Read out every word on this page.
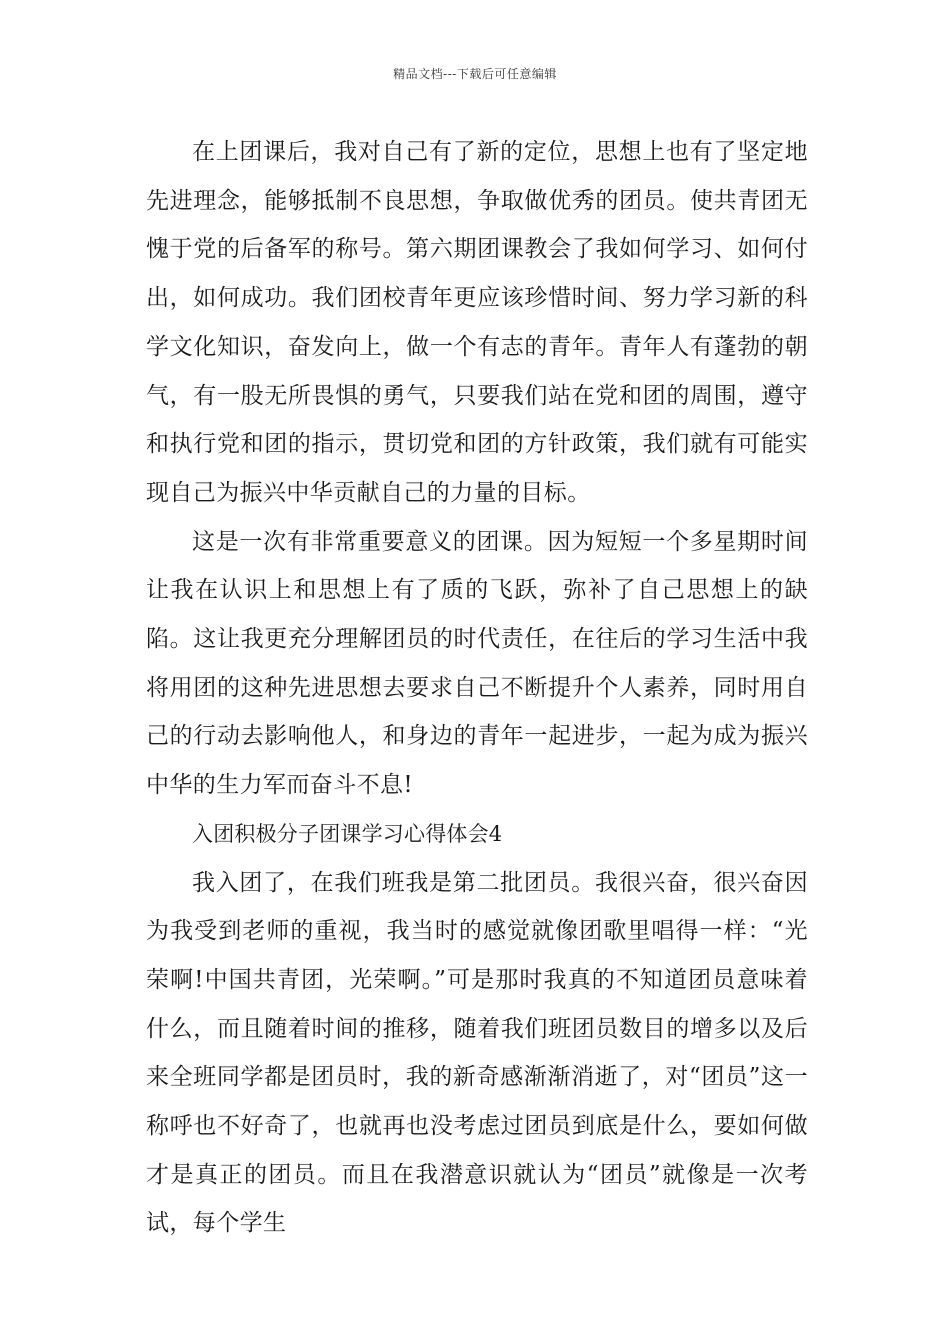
精品文档---下载后可任意编辑

在上团课后，我对自己有了新的定位，思想上也有了坚定地先进理念，能够抵制不良思想，争取做优秀的团员。使共青团无愧于党的后备军的称号。第六期团课教会了我如何学习、如何付出，如何成功。我们团校青年更应该珍惜时间、努力学习新的科学文化知识，奋发向上，做一个有志的青年。青年人有蓬勃的朝气，有一股无所畏惧的勇气，只要我们站在党和团的周围，遵守和执行党和团的指示，贯切党和团的方针政策，我们就有可能实现自己为振兴中华贡献自己的力量的目标。

这是一次有非常重要意义的团课。因为短短一个多星期时间让我在认识上和思想上有了质的飞跃，弥补了自己思想上的缺陷。这让我更充分理解团员的时代责任，在往后的学习生活中我将用团的这种先进思想去要求自己不断提升个人素养，同时用自己的行动去影响他人，和身边的青年一起进步，一起为成为振兴中华的生力军而奋斗不息!

入团积极分子团课学习心得体会4

我入团了，在我们班我是第二批团员。我很兴奋，很兴奋因为我受到老师的重视，我当时的感觉就像团歌里唱得一样：“光荣啊!中国共青团，光荣啊。”可是那时我真的不知道团员意味着什么，而且随着时间的推移，随着我们班团员数目的增多以及后来全班同学都是团员时，我的新奇感渐渐消逝了，对“团员”这一称呼也不好奇了，也就再也没考虑过团员到底是什么，要如何做才是真正的团员。而且在我潜意识就认为“团员”就像是一次考试，每个学生
